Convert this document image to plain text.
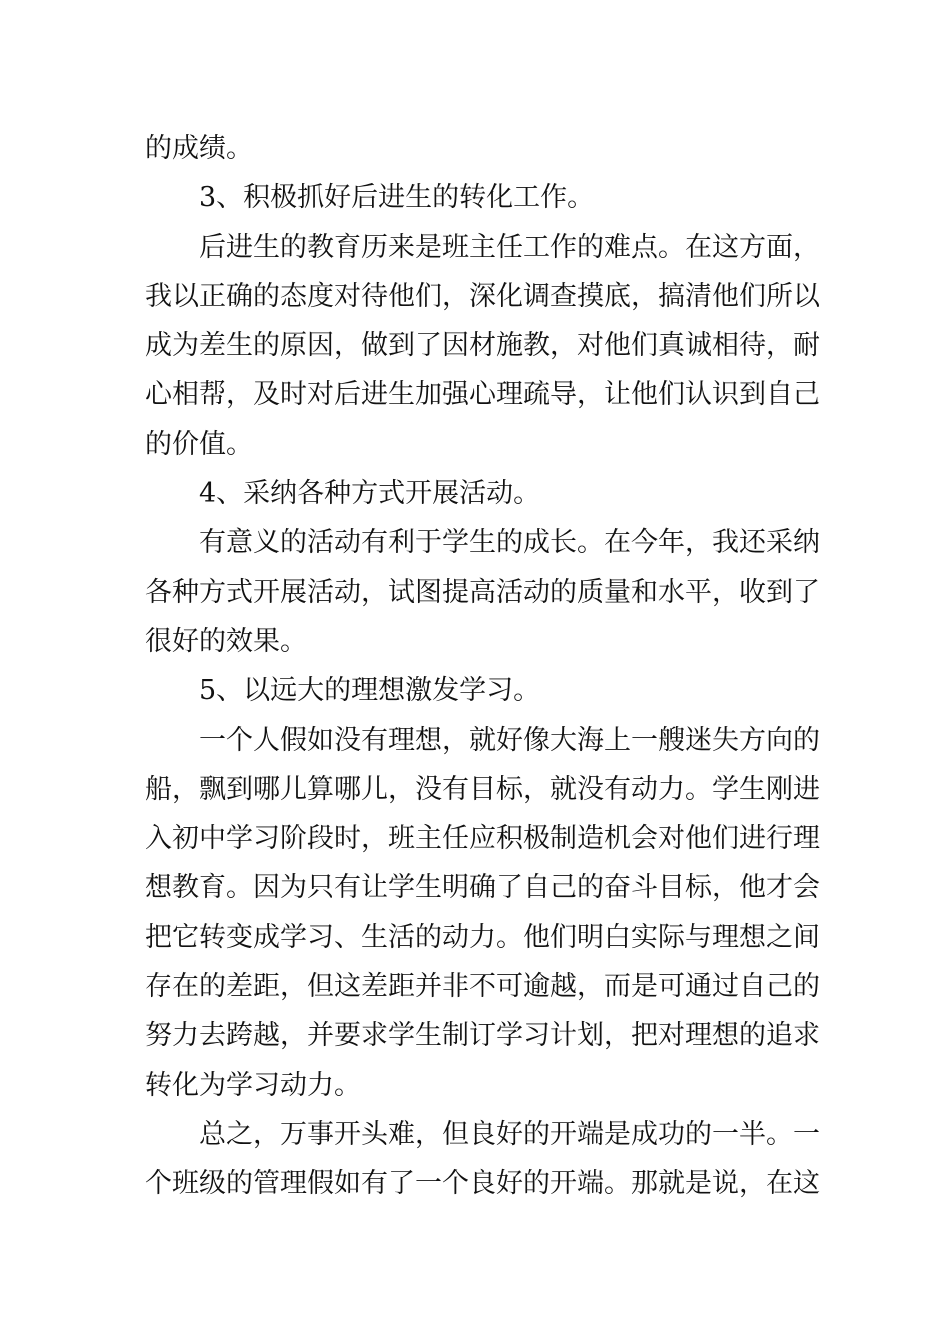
的成绩。
3、积极抓好后进生的转化工作。
后进生的教育历来是班主任工作的难点。在这方面，
我以正确的态度对待他们，深化调查摸底，搞清他们所以
成为差生的原因，做到了因材施教，对他们真诚相待，耐
心相帮，及时对后进生加强心理疏导，让他们认识到自己
的价值。
4、采纳各种方式开展活动。
有意义的活动有利于学生的成长。在今年，我还采纳
各种方式开展活动，试图提高活动的质量和水平，收到了
很好的效果。
5、以远大的理想激发学习。
一个人假如没有理想，就好像大海上一艘迷失方向的
船，飘到哪儿算哪儿，没有目标，就没有动力。学生刚进
入初中学习阶段时，班主任应积极制造机会对他们进行理
想教育。因为只有让学生明确了自己的奋斗目标，他才会
把它转变成学习、生活的动力。他们明白实际与理想之间
存在的差距，但这差距并非不可逾越，而是可通过自己的
努力去跨越，并要求学生制订学习计划，把对理想的追求
转化为学习动力。
总之，万事开头难，但良好的开端是成功的一半。一
个班级的管理假如有了一个良好的开端。那就是说，在这
